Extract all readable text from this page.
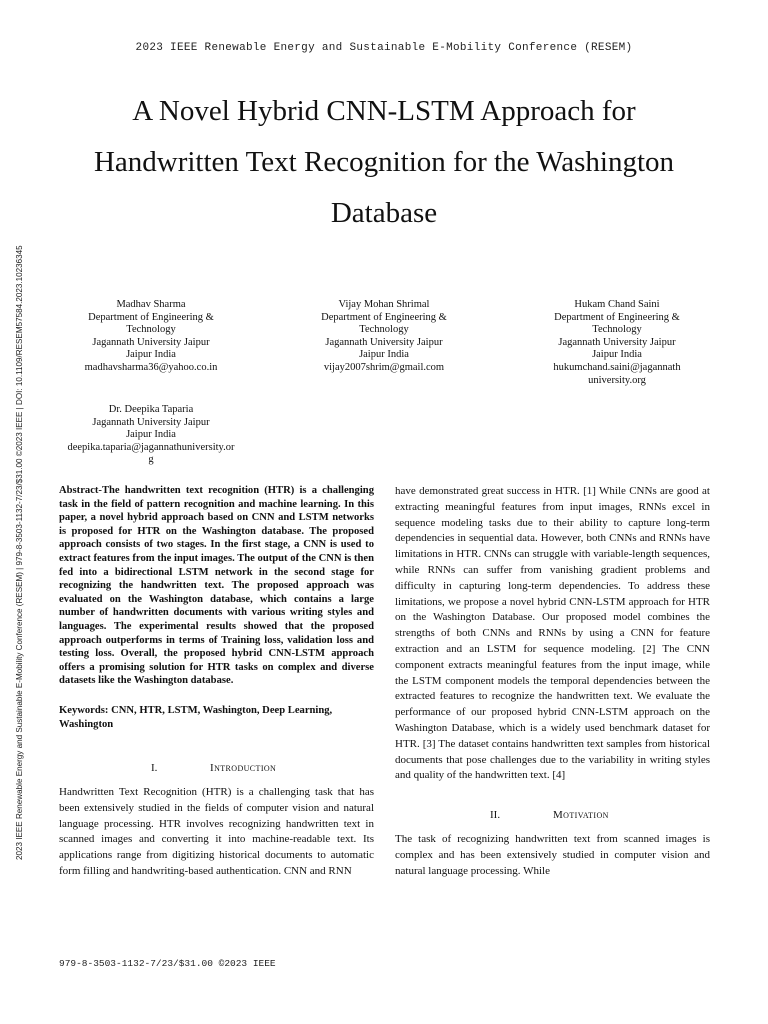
2023 IEEE Renewable Energy and Sustainable E-Mobility Conference (RESEM)
A Novel Hybrid CNN-LSTM Approach for
Handwritten Text Recognition for the Washington
Database
2023 IEEE Renewable Energy and Sustainable E-Mobility Conference (RESEM) | 979-8-3503-1132-7/23/$31.00 ©2023 IEEE | DOI: 10.1109/RESEM57584.2023.10236345	Madhav Sharma
Department of Engineering &
Technology
Jagannath University Jaipur
Jaipur India
madhavsharma36@yahoo.co.in
Vijay Mohan Shrimal
Department of Engineering &
Technology
Jagannath University Jaipur
Jaipur India
vijay2007shrim@gmail.com
Hukam Chand Saini
Department of Engineering &
Technology
Jagannath University Jaipur
Jaipur India
hukumchand.saini@jagannath
university.org
Dr. Deepika Taparia
Jagannath University Jaipur
Jaipur India
deepika.taparia@jagannathuniversity.or
g

Abstract-The handwritten text recognition (HTR) is a challenging task in the field of pattern recognition and machine learning. In this paper, a novel hybrid approach based on CNN and LSTM networks is proposed for HTR on the Washington database. The proposed approach consists of two stages. In the first stage, a CNN is used to extract features from the input images. The output of the CNN is then fed into a bidirectional LSTM network in the second stage for recognizing the handwritten text. The proposed approach was evaluated on the Washington database, which contains a large number of handwritten documents with various writing styles and languages. The experimental results showed that the proposed approach outperforms in terms of Training loss, validation loss and testing loss. Overall, the proposed hybrid CNN-LSTM approach offers a promising solution for HTR tasks on complex and diverse datasets like the Washington database.

Keywords: CNN, HTR, LSTM, Washington, Deep Learning, Washington

I.	Introduction

Handwritten Text Recognition (HTR) is a challenging task that has been extensively studied in the fields of computer vision and natural language processing. HTR involves recognizing handwritten text in scanned images and converting it into machine-readable text. Its applications range from digitizing historical documents to automatic form filling and handwriting-based authentication. CNN and RNN

have demonstrated great success in HTR. [1] While CNNs are good at extracting meaningful features from input images, RNNs excel in sequence modeling tasks due to their ability to capture long-term dependencies in sequential data. However, both CNNs and RNNs have limitations in HTR. CNNs can struggle with variable-length sequences, while RNNs can suffer from vanishing gradient problems and difficulty in capturing long-term dependencies. To address these limitations, we propose a novel hybrid CNN-LSTM approach for HTR on the Washington Database. Our proposed model combines the strengths of both CNNs and RNNs by using a CNN for feature extraction and an LSTM for sequence modeling. [2] The CNN component extracts meaningful features from the input image, while the LSTM component models the temporal dependencies between the extracted features to recognize the handwritten text. We evaluate the performance of our proposed hybrid CNN-LSTM approach on the Washington Database, which is a widely used benchmark dataset for HTR. [3] The dataset contains handwritten text samples from historical documents that pose challenges due to the variability in writing styles and quality of the handwritten text. [4]

II.	Motivation

The task of recognizing handwritten text from scanned images is complex and has been extensively studied in computer vision and natural language processing. While

979-8-3503-1132-7/23/$31.00 ©2023 IEEE
